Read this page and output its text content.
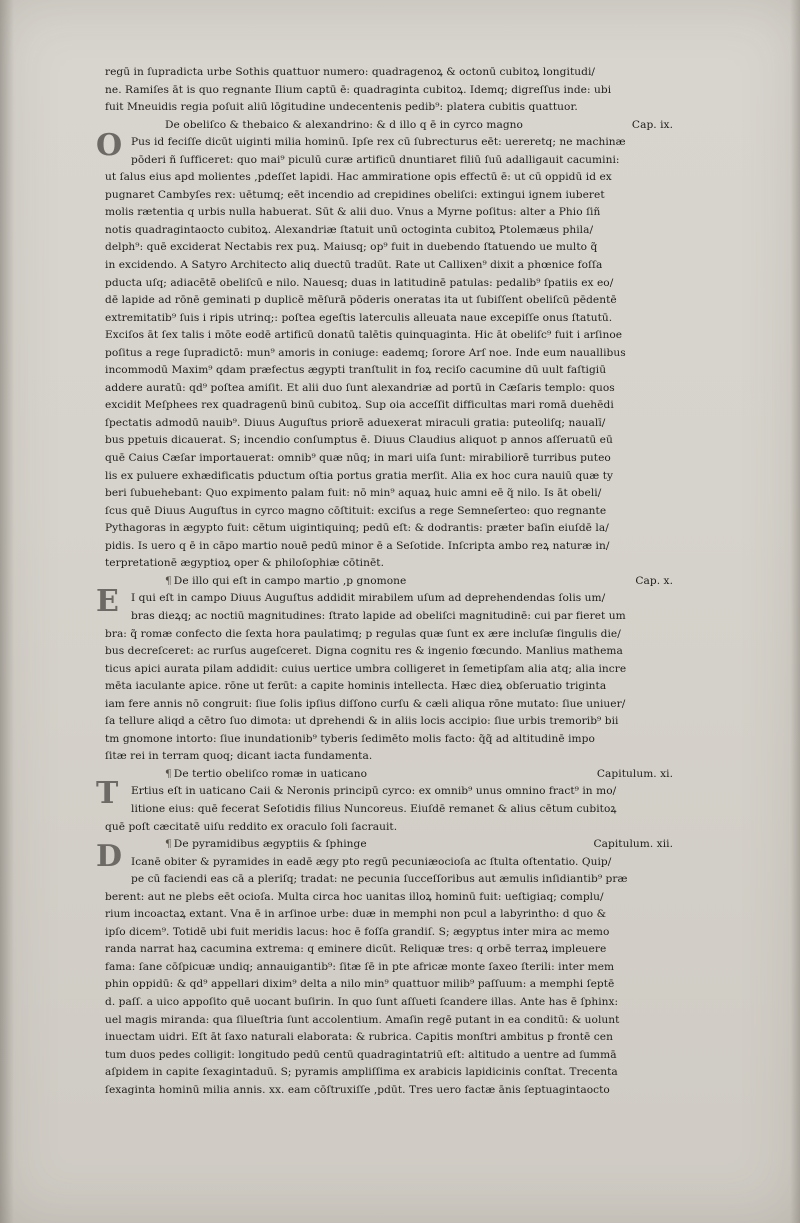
O
E
T
D
regū in ſupradicta urbe Sothis quattuor numero: quadragenoꝝ & octonū cubitoꝝ longitudi/
ne. Ramiſes āt is quo regnante Ilium captū ē: quadraginta cubitoꝝ. Idemq; digreſſus inde: ubi
fuit Mneuidis regia poſuit aliū lōgitudine undecentenis pedib⁹: platera cubitis quattuor.
De obeliſco & thebaico & alexandrino: & d illo q ē in cyrco magno	Cap. ix.
Pus id feciſſe dicūt uiginti milia hominū. Ipſe rex cū ſubrecturus eēt: uereretq; ne machinæ
pōderi ñ ſufficeret: quo mai⁹ piculū curæ artificū dnuntiaret filiū ſuū adalligauit cacumini:
ut ſalus eius apd molientes ,pdeſſet lapidi. Hac ammiratione opis effectū ē: ut cū oppidū id ex
pugnaret Cambyſes rex: uētumq; eēt incendio ad crepidines obeliſci: extingui ignem iuberet
molis rætentia q urbis nulla habuerat. Sūt & alii duo. Vnus a Myrne poſitus: alter a Phio ſiñ
notis quadragintaocto cubitoꝝ. Alexandriæ ſtatuit unū octoginta cubitoꝝ Ptolemæus phila/
delph⁹: quē exciderat Nectabis rex puꝝ. Maiusq; op⁹ fuit in duebendo ſtatuendo ue multo q̃
in excidendo. A Satyro Architecto aliq duectū tradūt. Rate ut Callixen⁹ dixit a phœnice foſſa
pducta uſq; adiacētē obeliſcū e nilo. Nauesq; duas in latitudinē patulas: pedalib⁹ ſpatiis ex eo/
dē lapide ad rōnē geminati p duplicē mēſurā pōderis oneratas ita ut ſubiſſent obeliſcū pēdentē
extremitatib⁹ ſuis i ripis utrinq;: poſtea egeſtis laterculis alleuata naue excepiſſe onus ſtatutū.
Exciſos āt ſex talis i mōte eodē artificū donatū talētis quinquaginta. Hic āt obeliſc⁹ fuit i arſinoe
poſitus a rege ſupradictō: mun⁹ amoris in coniuge: eademq; ſorore Arſ noe. Inde eum nauallibus
incommodū Maxim⁹ qdam præfectus ægypti tranſtulit in foꝝ reciſo cacumine dū uult faſtigiū
addere auratū: qd⁹ poſtea amiſit. Et alii duo ſunt alexandriæ ad portū in Cæſaris templo: quos
excidit Meſphees rex quadragenū binū cubitoꝝ. Sup oia acceſſit difficultas mari romā duehēdi
ſpectatis admodū nauib⁹. Diuus Auguſtus priorē aduexerat miraculi gratia: puteoliſq; naualī/
bus ppetuis dicauerat. S; incendio conſumptus ē. Diuus Claudius aliquot p annos aſſeruatū eū
quē Caius Cæſar importauerat: omnib⁹ quæ nūq; in mari uiſa ſunt: mirabiliorē turribus puteo
lis ex puluere exhædificatis pductum oſtia portus gratia merſit. Alia ex hoc cura nauiū quæ ty
beri ſubuehebant: Quo expimento palam fuit: nō min⁹ aquaꝝ huic amni eē q̃ nilo. Is āt obeli/
ſcus quē Diuus Auguſtus in cyrco magno cōſtituit: exciſus a rege Semneſerteo: quo regnante
Pythagoras in ægypto fuit: cētum uigintiquinq; pedū eſt: & dodrantis: præter baſin eiuſdē la/
pidis. Is uero q ē in cāpo martio nouē pedū minor ē a Seſotide. Inſcripta ambo reꝝ naturæ in/
terpretationē ægyptioꝝ oper & philoſophiæ cōtinēt.
¶ De illo qui eſt in campo martio ,p gnomone	Cap. x.
I qui eſt in campo Diuus Auguſtus addidit mirabilem uſum ad deprehendendas ſolis um/
bras dieꝝq; ac noctiū magnitudines: ſtrato lapide ad obeliſci magnitudinē: cui par fieret um
bra: q̃ romæ confecto die ſexta hora paulatimq; p regulas quæ ſunt ex ære incluſæ ſingulis die/
bus decreſceret: ac rurſus augeſceret. Digna cognitu res & ingenio fœcundo. Manlius mathema
ticus apici aurata pilam addidit: cuius uertice umbra colligeret in ſemetipſam alia atq; alia incre
mēta iaculante apice. rōne ut ferūt: a capite hominis intellecta. Hæc dieꝝ obſeruatio triginta
iam fere annis nō congruit: ſiue ſolis ipſius diſſono curſu & cæli aliqua rōne mutato: ſiue uniuer/
ſa tellure aliqd a cētro ſuo dimota: ut dprehendi & in aliis locis accipio: ſiue urbis tremorib⁹ bii
tm gnomone intorto: ſiue inundationib⁹ tyberis ſedimēto molis facto: q̃q̃ ad altitudinē impo
ſitæ rei in terram quoq; dicant iacta fundamenta.
¶ De tertio obeliſco romæ in uaticano	Capitulum. xi.
Ertius eſt in uaticano Caii & Neronis principū cyrco: ex omnib⁹ unus omnino fract⁹ in mo/
litione eius: quē fecerat Seſotidis filius Nuncoreus. Eiuſdē remanet & alius cētum cubitoꝝ
quē poſt cæcitatē uiſu reddito ex oraculo ſoli ſacrauit.
¶ De pyramidibus ægyptiis & ſphinge	Capitulum. xii.
Icanē obiter & pyramides in eadē ægy pto regū pecuniæocioſa ac ſtulta oſtentatio. Quip/
pe cū faciendi eas cā a pleriſq; tradat: ne pecunia ſucceſſoribus aut æmulis inſidiantib⁹ præ
berent: aut ne plebs eēt ocioſa. Multa circa hoc uanitas illoꝝ hominū fuit: ueſtigiaq; complu/
rium incoactaꝝ extant. Vna ē in arſinoe urbe: duæ in memphi non pcul a labyrintho: d quo &
ipſo dicem⁹. Totidē ubi fuit meridis lacus: hoc ē foſſa grandiſ. S; ægyptus inter mira ac memo
randa narrat haꝝ cacumina extrema: q eminere dicūt. Reliquæ tres: q orbē terraꝝ impleuere
fama: ſane cōſpicuæ undiq; annauigantib⁹: ſitæ ſē in pte africæ monte ſaxeo ſterili: inter mem
phin oppidū: & qd⁹ appellari dixim⁹ delta a nilo min⁹ quattuor milib⁹ paſſuum: a memphi ſeptē
d. paſſ. a uico appoſito quē uocant buſirin. In quo ſunt aſſueti ſcandere illas. Ante has ē ſphinx:
uel magis miranda: qua ſilueſtria ſunt accolentium. Amaſin regē putant in ea conditū: & uolunt
inuectam uidri. Eſt āt ſaxo naturali elaborata: & rubrica. Capitis monſtri ambitus p frontē cen
tum duos pedes colligit: longitudo pedū centū quadragintatriū eſt: altitudo a uentre ad ſummā
aſpidem in capite ſexagintaduū. S; pyramis ampliſſima ex arabicis lapidicinis conſtat. Trecenta
ſexaginta hominū milia annis. xx. eam cōſtruxiſſe ,pdūt. Tres uero factæ ānis ſeptuagintaocto
